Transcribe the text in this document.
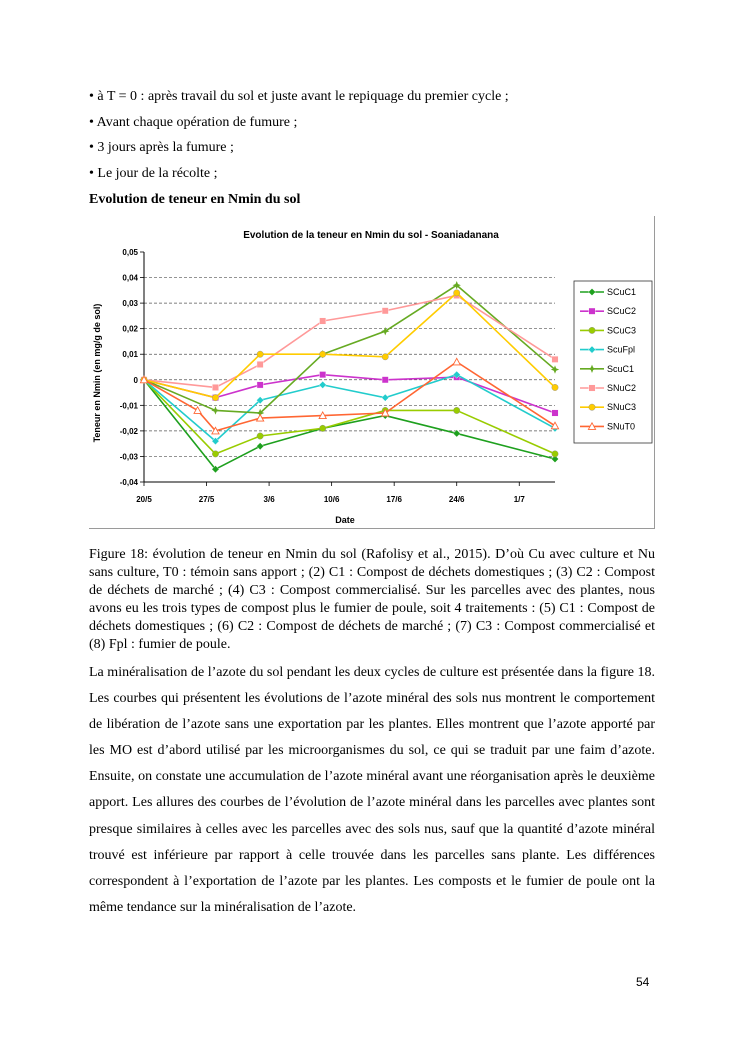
• à T = 0 : après travail du sol et juste avant le repiquage du premier cycle ;
• Avant chaque opération de fumure ;
• 3 jours après la fumure ;
• Le jour de la récolte ;
Evolution de teneur en Nmin du sol
Evolution de la teneur en Nmin du sol - Soaniadanana
-0,04
-0,03
-0,02
-0,01
0
0,01
0,02
0,03
0,04
0,05
20/5	27/5	3/6	10/6	17/6	24/6	1/7
Teneur en Nmin (en mg/g de sol)
Date
SCuC1
SCuC2
SCuC3
ScuFpl
ScuC1
SNuC2
SNuC3
SNuT0
Figure 18: évolution de teneur en Nmin du sol (Rafolisy et al., 2015). D’où Cu avec culture et Nu sans culture, T0 : témoin sans apport ; (2) C1 : Compost de déchets domestiques ; (3) C2 : Compost de déchets de marché ; (4) C3 : Compost commercialisé. Sur les parcelles avec des plantes, nous avons eu les trois types de compost plus le fumier de poule, soit 4 traitements : (5) C1 : Compost de déchets domestiques ; (6) C2 : Compost de déchets de marché ; (7) C3 : Compost commercialisé et (8) Fpl : fumier de poule.
La minéralisation de l’azote du sol pendant les deux cycles de culture est présentée dans la figure 18. Les courbes qui présentent les évolutions de l’azote minéral des sols nus montrent le comportement de libération de l’azote sans une exportation par les plantes. Elles montrent que l’azote apporté par les MO est d’abord utilisé par les microorganismes du sol, ce qui se traduit par une faim d’azote. Ensuite, on constate une accumulation de l’azote minéral avant une réorganisation après le deuxième apport. Les allures des courbes de l’évolution de l’azote minéral dans les parcelles avec plantes sont presque similaires à celles avec les parcelles avec des sols nus, sauf que la quantité d’azote minéral trouvé est inférieure par rapport à celle trouvée dans les parcelles sans plante. Les différences correspondent à l’exportation de l’azote par les plantes. Les composts et le fumier de poule ont la même tendance sur la minéralisation de l’azote.
54
